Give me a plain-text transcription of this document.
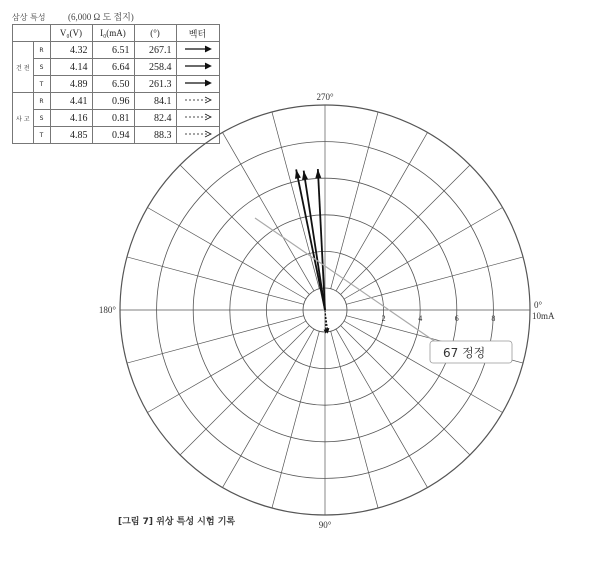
삼상 특성	(6,000 Ω 도 접지)
		V₀(V)	I₀(mA)	(°)	벡터
건 전	R	4.32	6.51	267.1	
	S	4.14	6.64	258.4	
	T	4.89	6.50	261.3	
사 고	R	4.41	0.96	84.1	
	S	4.16	0.81	82.4	
	T	4.85	0.94	88.3	
270°
90°
180°	0°
10mA
2	4	6	8
67 정정
[그림 7] 위상 특성 시험 기록
